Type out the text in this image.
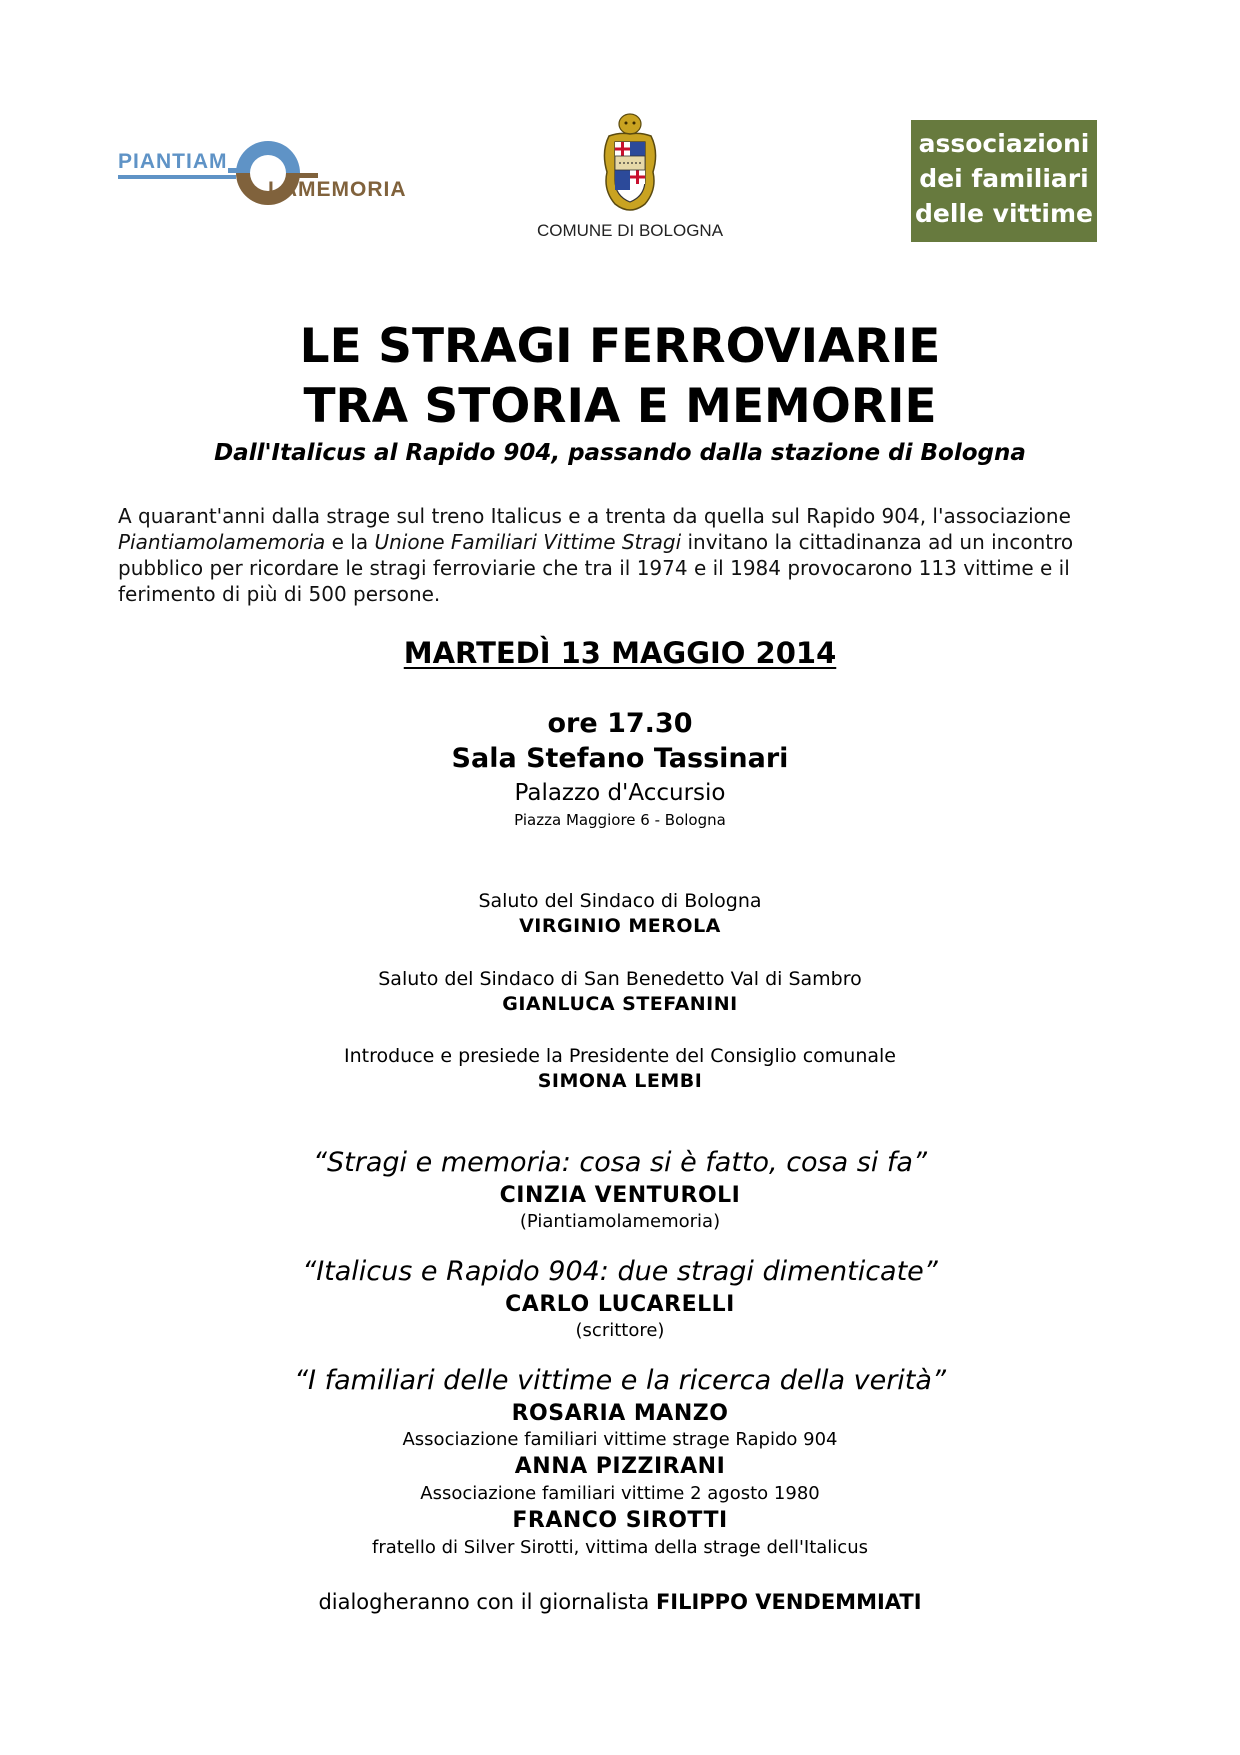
PIANTIAM
LAMEMORIA
COMUNE DI BOLOGNA
associazioni
dei familiari
delle vittime
LE STRAGI FERROVIARIE
TRA STORIA E MEMORIE
Dall'Italicus al Rapido 904, passando dalla stazione di Bologna
A quarant'anni dalla strage sul treno Italicus e a trenta da quella sul Rapido 904, l'associazione
Piantiamolamemoria e la Unione Familiari Vittime Stragi invitano la cittadinanza ad un incontro
pubblico per ricordare le stragi ferroviarie che tra il 1974 e il 1984 provocarono 113 vittime e il
ferimento di più di 500 persone.
MARTEDÌ 13 MAGGIO 2014
ore 17.30
Sala Stefano Tassinari
Palazzo d'Accursio
Piazza Maggiore 6 - Bologna
Saluto del Sindaco di Bologna
VIRGINIO MEROLA
Saluto del Sindaco di San Benedetto Val di Sambro
GIANLUCA STEFANINI
Introduce e presiede la Presidente del Consiglio comunale
SIMONA LEMBI
“Stragi e memoria: cosa si è fatto, cosa si fa”
CINZIA VENTUROLI
(Piantiamolamemoria)
“Italicus e Rapido 904: due stragi dimenticate”
CARLO LUCARELLI
(scrittore)
“I familiari delle vittime e la ricerca della verità”
ROSARIA MANZO
Associazione familiari vittime strage Rapido 904
ANNA PIZZIRANI
Associazione familiari vittime 2 agosto 1980
FRANCO SIROTTI
fratello di Silver Sirotti, vittima della strage dell'Italicus
dialogheranno con il giornalista FILIPPO VENDEMMIATI
